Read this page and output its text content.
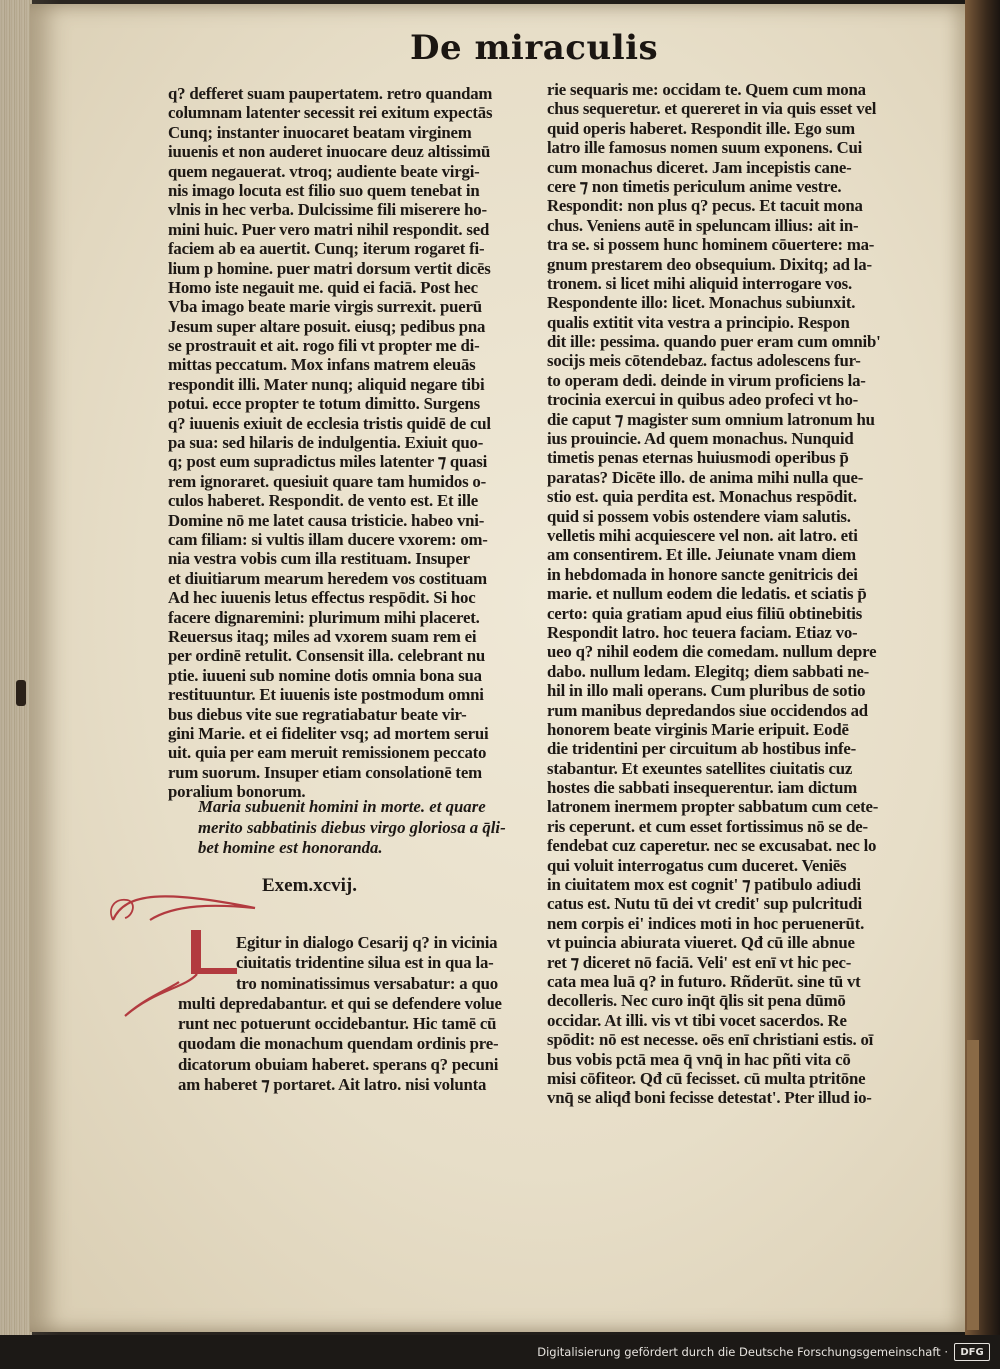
De miraculis
q? defferet suam paupertatem. retro quandam
columnam latenter secessit rei exitum expectās
Cunq; instanter inuocaret beatam virginem
iuuenis et non auderet inuocare deuz altissimū
quem negauerat. vtroq; audiente beate virgi-
nis imago locuta est filio suo quem tenebat in
vlnis in hec verba. Dulcissime fili miserere ho-
mini huic. Puer vero matri nihil respondit. sed
faciem ab ea auertit. Cunq; iterum rogaret fi-
lium p homine. puer matri dorsum vertit dicēs
Homo iste negauit me. quid ei faciā. Post hec
Vba imago beate marie virgis surrexit. puerū
Jesum super altare posuit. eiusq; pedibus pna
se prostrauit et ait. rogo fili vt propter me di-
mittas peccatum. Mox infans matrem eleuās
respondit illi. Mater nunq; aliquid negare tibi
potui. ecce propter te totum dimitto. Surgens
q? iuuenis exiuit de ecclesia tristis quidē de cul
pa sua: sed hilaris de indulgentia. Exiuit quo-
q; post eum supradictus miles latenter ⁊ quasi
rem ignoraret. quesiuit quare tam humidos o-
culos haberet. Respondit. de vento est. Et ille
Domine nō me latet causa tristicie. habeo vni-
cam filiam: si vultis illam ducere vxorem: om-
nia vestra vobis cum illa restituam. Insuper
et diuitiarum mearum heredem vos costituam
Ad hec iuuenis letus effectus respōdit. Si hoc
facere dignaremini: plurimum mihi placeret.
Reuersus itaq; miles ad vxorem suam rem ei
per ordinē retulit. Consensit illa. celebrant nu
ptie. iuueni sub nomine dotis omnia bona sua
restituuntur. Et iuuenis iste postmodum omni
bus diebus vite sue regratiabatur beate vir-
gini Marie. et ei fideliter vsq; ad mortem serui
uit. quia per eam meruit remissionem peccato
rum suorum. Insuper etiam consolationē tem
poralium bonorum.
Maria subuenit homini in morte. et quare
merito sabbatinis diebus virgo gloriosa a q̄li-
bet homine est honoranda.
Exem.xcvij.
L
Egitur in dialogo Cesarij q? in vicinia
ciuitatis tridentine silua est in qua la-
tro nominatissimus versabatur: a quo
multi depredabantur. et qui se defendere volue
runt nec potuerunt occidebantur. Hic tamē cū
quodam die monachum quendam ordinis pre-
dicatorum obuiam haberet. sperans q? pecuni
am haberet ⁊ portaret. Ait latro. nisi volunta
rie sequaris me: occidam te. Quem cum mona
chus sequeretur. et quereret in via quis esset vel
quid operis haberet. Respondit ille. Ego sum
latro ille famosus nomen suum exponens. Cui
cum monachus diceret. Jam incepistis cane-
cere ⁊ non timetis periculum anime vestre.
Respondit: non plus q? pecus. Et tacuit mona
chus. Veniens autē in speluncam illius: ait in-
tra se. si possem hunc hominem cōuertere: ma-
gnum prestarem deo obsequium. Dixitq; ad la-
tronem. si licet mihi aliquid interrogare vos.
Respondente illo: licet. Monachus subiunxit.
qualis extitit vita vestra a principio. Respon
dit ille: pessima. quando puer eram cum omnib'
socijs meis cōtendebaz. factus adolescens fur-
to operam dedi. deinde in virum proficiens la-
trocinia exercui in quibus adeo profeci vt ho-
die caput ⁊ magister sum omnium latronum hu
ius prouincie. Ad quem monachus. Nunquid
timetis penas eternas huiusmodi operibus p̄
paratas? Dicēte illo. de anima mihi nulla que-
stio est. quia perdita est. Monachus respōdit.
quid si possem vobis ostendere viam salutis.
velletis mihi acquiescere vel non. ait latro. eti
am consentirem. Et ille. Jeiunate vnam diem
in hebdomada in honore sancte genitricis dei
marie. et nullum eodem die ledatis. et sciatis p̄
certo: quia gratiam apud eius filiū obtinebitis
Respondit latro. hoc teuera faciam. Etiaz vo-
ueo q? nihil eodem die comedam. nullum depre
dabo. nullum ledam. Elegitq; diem sabbati ne-
hil in illo mali operans. Cum pluribus de sotio
rum manibus depredandos siue occidendos ad
honorem beate virginis Marie eripuit. Eodē
die tridentini per circuitum ab hostibus infe-
stabantur. Et exeuntes satellites ciuitatis cuz
hostes die sabbati insequerentur. iam dictum
latronem inermem propter sabbatum cum cete-
ris ceperunt. et cum esset fortissimus nō se de-
fendebat cuz caperetur. nec se excusabat. nec lo
qui voluit interrogatus cum duceret. Veniēs
in ciuitatem mox est cognit' ⁊ patibulo adiudi
catus est. Nutu tū dei vt credit' sup pulcritudi
nem corpis ei' indices moti in hoc peruenerūt.
vt puincia abiurata viueret. Qđ cū ille abnue
ret ⁊ diceret nō faciā. Veli' est enī vt hic pec-
cata mea luā q? in futuro. Rñderūt. sine tū vt
decolleris. Nec curo inq̄t q̄lis sit pena dūmō
occidar. At illi. vis vt tibi vocet sacerdos. Re
spōdit: nō est necesse. oēs enī christiani estis. oī
bus vobis pctā mea q̄ vnq̄ in hac pñti vita cō
misi cōfiteor. Qđ cū fecisset. cū multa ptritōne
vnq̄ se aliqđ boni fecisse detestat'. Pter illud io-
Digitalisierung gefördert durch die Deutsche Forschungsgemeinschaft ·	DFG
